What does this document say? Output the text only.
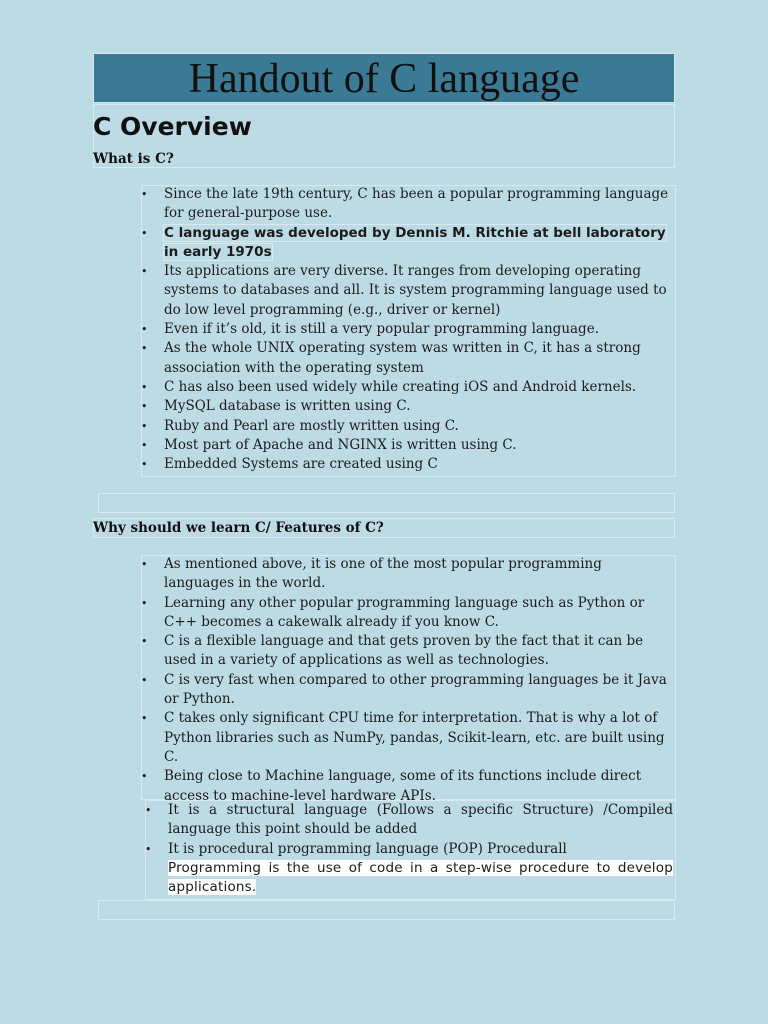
Handout of C language
C Overview
What is C?
• Since the late 19th century, C has been a popular programming language for general-purpose use.
• C language was developed by Dennis M. Ritchie at bell laboratory in early 1970s
• Its applications are very diverse. It ranges from developing operating systems to databases and all. It is system programming language used to do low level programming (e.g., driver or kernel)
• Even if it’s old, it is still a very popular programming language.
• As the whole UNIX operating system was written in C, it has a strong association with the operating system
• C has also been used widely while creating iOS and Android kernels.
• MySQL database is written using C.
• Ruby and Pearl are mostly written using C.
• Most part of Apache and NGINX is written using C.
• Embedded Systems are created using C
Why should we learn C/ Features of C?
• As mentioned above, it is one of the most popular programming languages in the world.
• Learning any other popular programming language such as Python or C++ becomes a cakewalk already if you know C.
• C is a flexible language and that gets proven by the fact that it can be used in a variety of applications as well as technologies.
• C is very fast when compared to other programming languages be it Java or Python.
• C takes only significant CPU time for interpretation. That is why a lot of Python libraries such as NumPy, pandas, Scikit-learn, etc. are built using C.
• Being close to Machine language, some of its functions include direct access to machine-level hardware APIs.
• It is a structural language (Follows a specific Structure) /Compiled language this point should be added
• It is procedural programming language (POP) Procedurall
Programming is the use of code in a step-wise procedure to develop applications.
